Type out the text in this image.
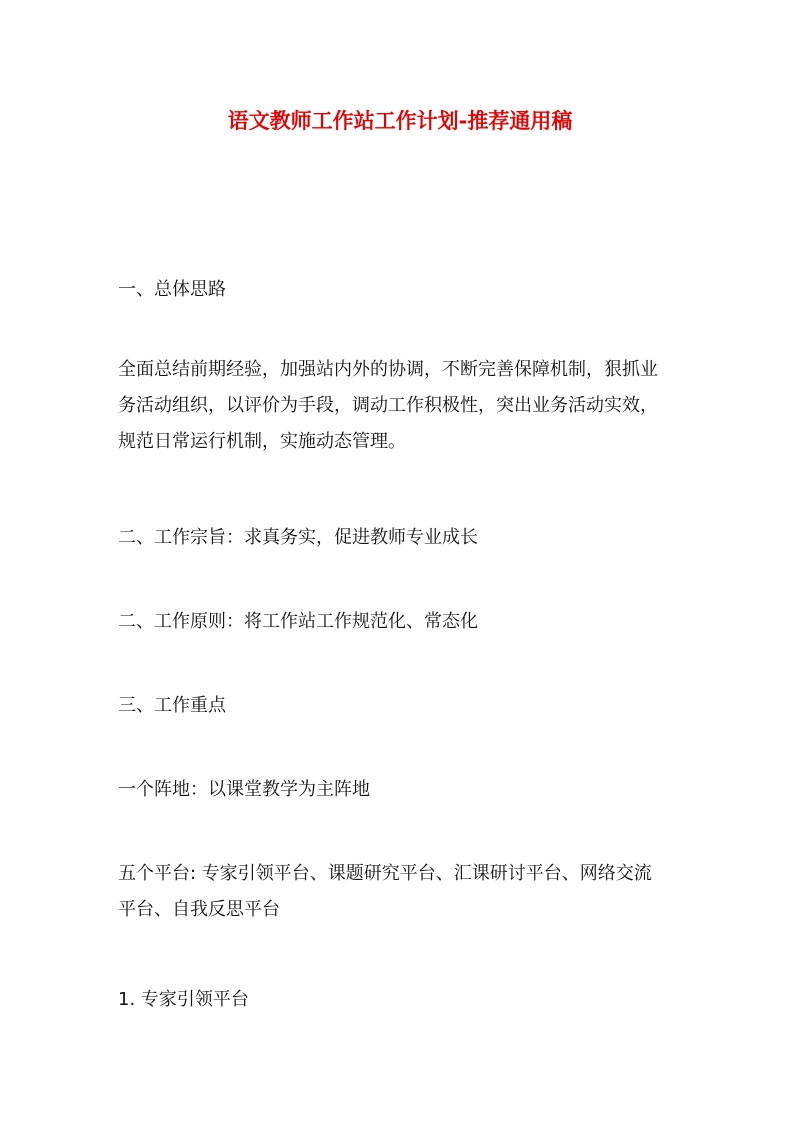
语文教师工作站工作计划-推荐通用稿

一、总体思路

全面总结前期经验，加强站内外的协调，不断完善保障机制，狠抓业
务活动组织，以评价为手段，调动工作积极性，突出业务活动实效，
规范日常运行机制，实施动态管理。

二、工作宗旨：求真务实，促进教师专业成长

二、工作原则：将工作站工作规范化、常态化

三、工作重点

一个阵地：以课堂教学为主阵地

五个平台: 专家引领平台、课题研究平台、汇课研讨平台、网络交流
平台、自我反思平台

1. 专家引领平台
